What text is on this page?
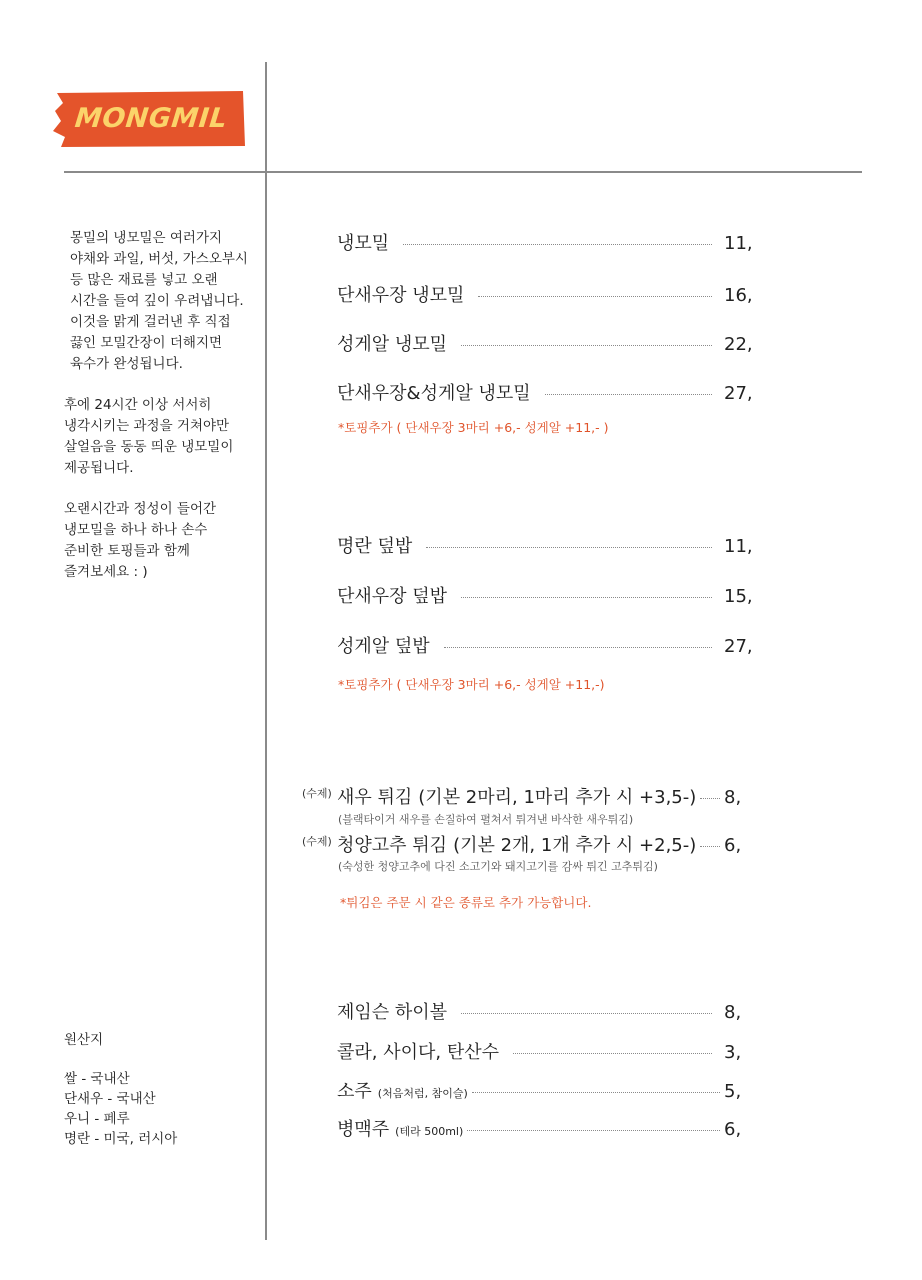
MONGMIL

몽밀의 냉모밀은 여러가지
야채와 과일, 버섯, 가스오부시
등 많은 재료를 넣고 오랜
시간을 들여 깊이 우려냅니다.
이것을 맑게 걸러낸 후 직접
끓인 모밀간장이 더해지면
육수가 완성됩니다.

후에 24시간 이상 서서히
냉각시키는 과정을 거쳐야만
살얼음을 동동 띄운 냉모밀이
제공됩니다.

오랜시간과 정성이 들어간
냉모밀을 하나 하나 손수
준비한 토핑들과 함께
즐겨보세요 : )

원산지
쌀 - 국내산
단새우 - 국내산
우니 - 페루
명란 - 미국, 러시아
냉모밀	11,
단새우장 냉모밀	16,
성게알 냉모밀	22,
단새우장&성게알 냉모밀	27,
*토핑추가 ( 단새우장 3마리 +6,- 성게알 +11,- )
명란 덮밥	11,
단새우장 덮밥	15,
성게알 덮밥	27,
*토핑추가 ( 단새우장 3마리 +6,- 성게알 +11,-)
(수제) 새우 튀김 (기본 2마리, 1마리 추가 시 +3,5-) 8,
(블랙타이거 새우를 손질하여 펼쳐서 튀겨낸 바삭한 새우튀김)
(수제) 청양고추 튀김 (기본 2개, 1개 추가 시 +2,5-) 6,
(숙성한 청양고추에 다진 소고기와 돼지고기를 감싸 튀긴 고추튀김)
*튀김은 주문 시 같은 종류로 추가 가능합니다.
제임슨 하이볼	8,
콜라, 사이다, 탄산수	3,
소주 (처음처럼, 참이슬)	5,
병맥주 (테라 500ml)	6,
